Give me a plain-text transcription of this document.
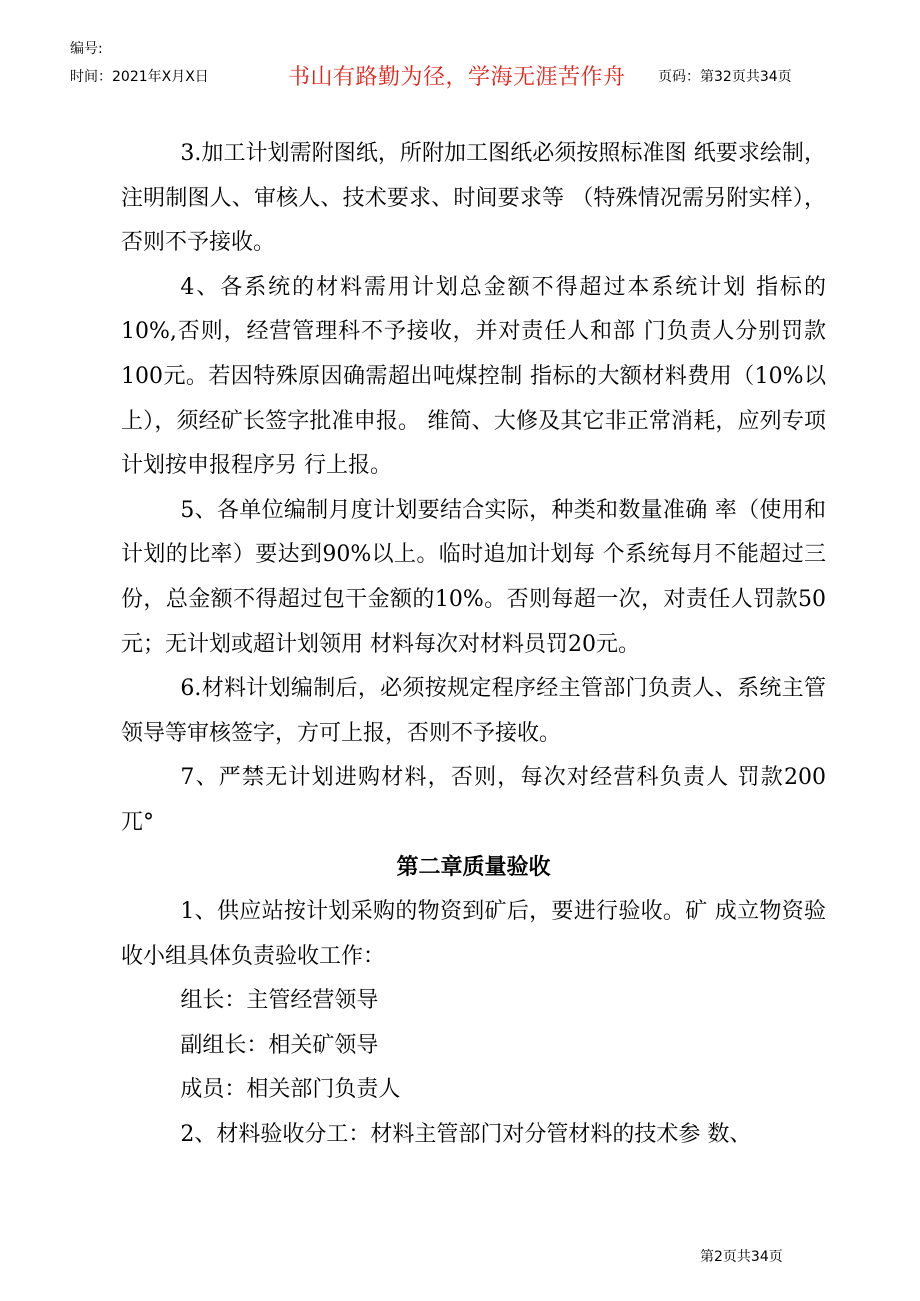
编号:
时间：2021年X月X日	书山有路勤为径，学海无涯苦作舟 页码：第32页共34页

3.加工计划需附图纸，所附加工图纸必须按照标准图 纸要求绘制，注明制图人、审核人、技术要求、时间要求等 （特殊情况需另附实样），否则不予接收。

4、各系统的材料需用计划总金额不得超过本系统计划 指标的10%,否则，经营管理科不予接收，并对责任人和部 门负责人分别罚款100元。若因特殊原因确需超出吨煤控制 指标的大额材料费用（10%以上），须经矿长签字批准申报。 维简、大修及其它非正常消耗，应列专项计划按申报程序另 行上报。

5、各单位编制月度计划要结合实际，种类和数量准确 率（使用和计划的比率）要达到90%以上。临时追加计划每 个系统每月不能超过三份，总金额不得超过包干金额的10%。否则每超一次，对责任人罚款50元；无计划或超计划领用 材料每次对材料员罚20元。

6.材料计划编制后，必须按规定程序经主管部门负责人、系统主管领导等审核签字，方可上报，否则不予接收。

7、严禁无计划进购材料，否则，每次对经营科负责人 罚款200兀°

第二章质量验收

1、供应站按计划采购的物资到矿后，要进行验收。矿 成立物资验收小组具体负责验收工作：

组长：主管经营领导

副组长：相关矿领导

成员：相关部门负责人

2、材料验收分工：材料主管部门对分管材料的技术参 数、

第2页共34页
